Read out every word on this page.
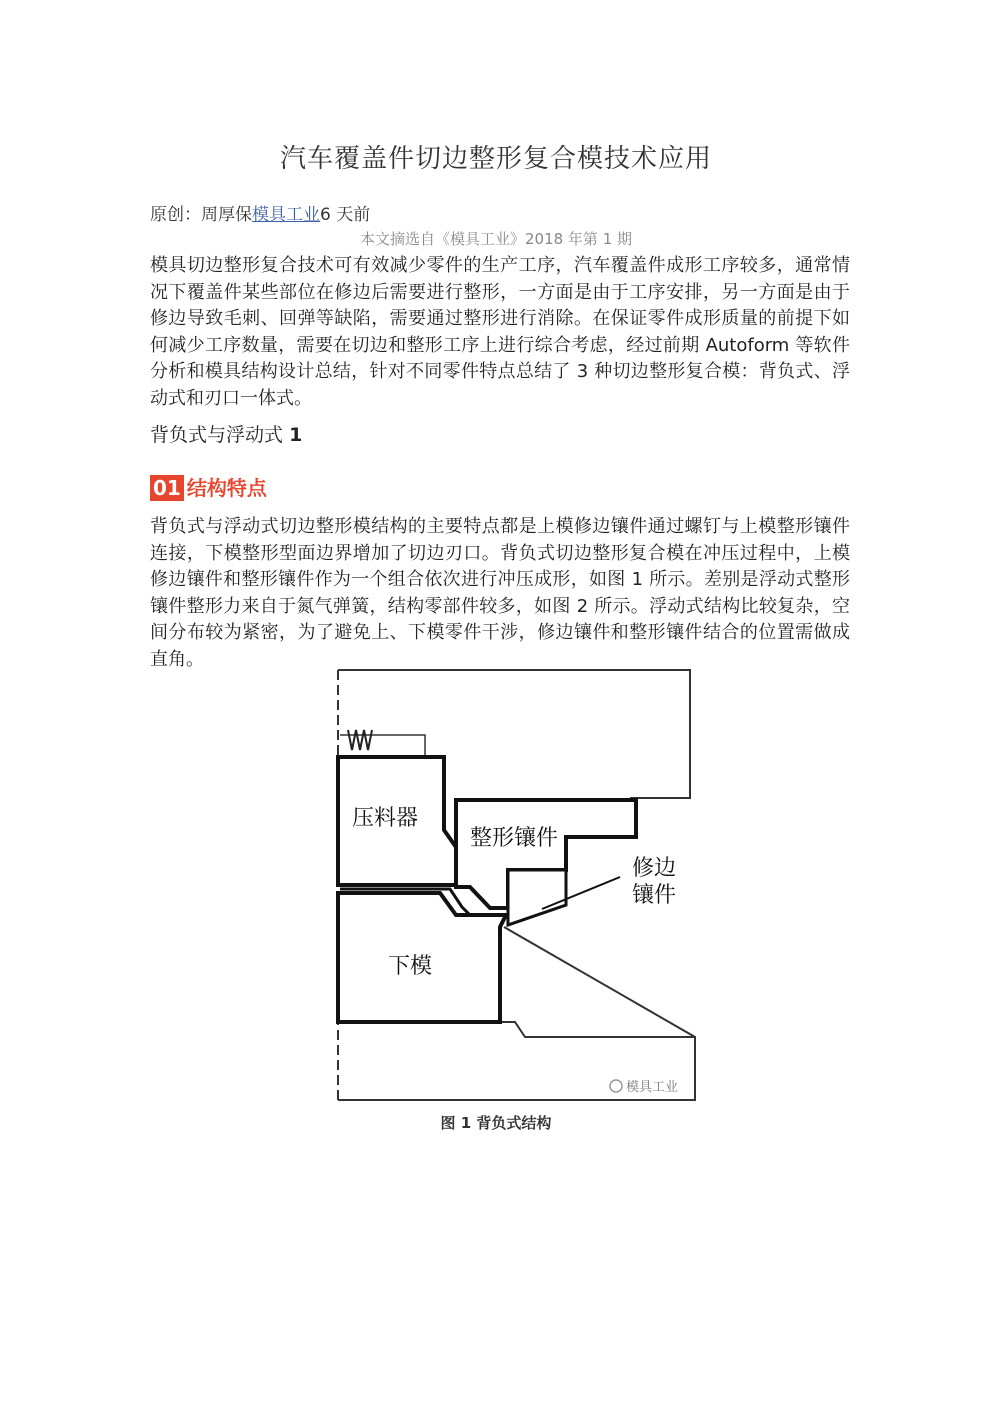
汽车覆盖件切边整形复合模技术应用
原创：周厚保模具工业6 天前
本文摘选自《模具工业》2018 年第 1 期
模具切边整形复合技术可有效减少零件的生产工序，汽车覆盖件成形工序较多，通常情况下覆盖件某些部位在修边后需要进行整形，一方面是由于工序安排，另一方面是由于修边导致毛刺、回弹等缺陷，需要通过整形进行消除。在保证零件成形质量的前提下如何减少工序数量，需要在切边和整形工序上进行综合考虑，经过前期 Autoform 等软件分析和模具结构设计总结，针对不同零件特点总结了 3 种切边整形复合模：背负式、浮动式和刃口一体式。
背负式与浮动式 1
01 结构特点
背负式与浮动式切边整形模结构的主要特点都是上模修边镶件通过螺钉与上模整形镶件连接，下模整形型面边界增加了切边刃口。背负式切边整形复合模在冲压过程中，上模修边镶件和整形镶件作为一个组合依次进行冲压成形，如图 1 所示。差别是浮动式整形镶件整形力来自于氮气弹簧，结构零部件较多，如图 2 所示。浮动式结构比较复杂，空间分布较为紧密，为了避免上、下模零件干涉，修边镶件和整形镶件结合的位置需做成直角。
压料器
整形镶件
修边
镶件
下模
模具工业
图 1 背负式结构
